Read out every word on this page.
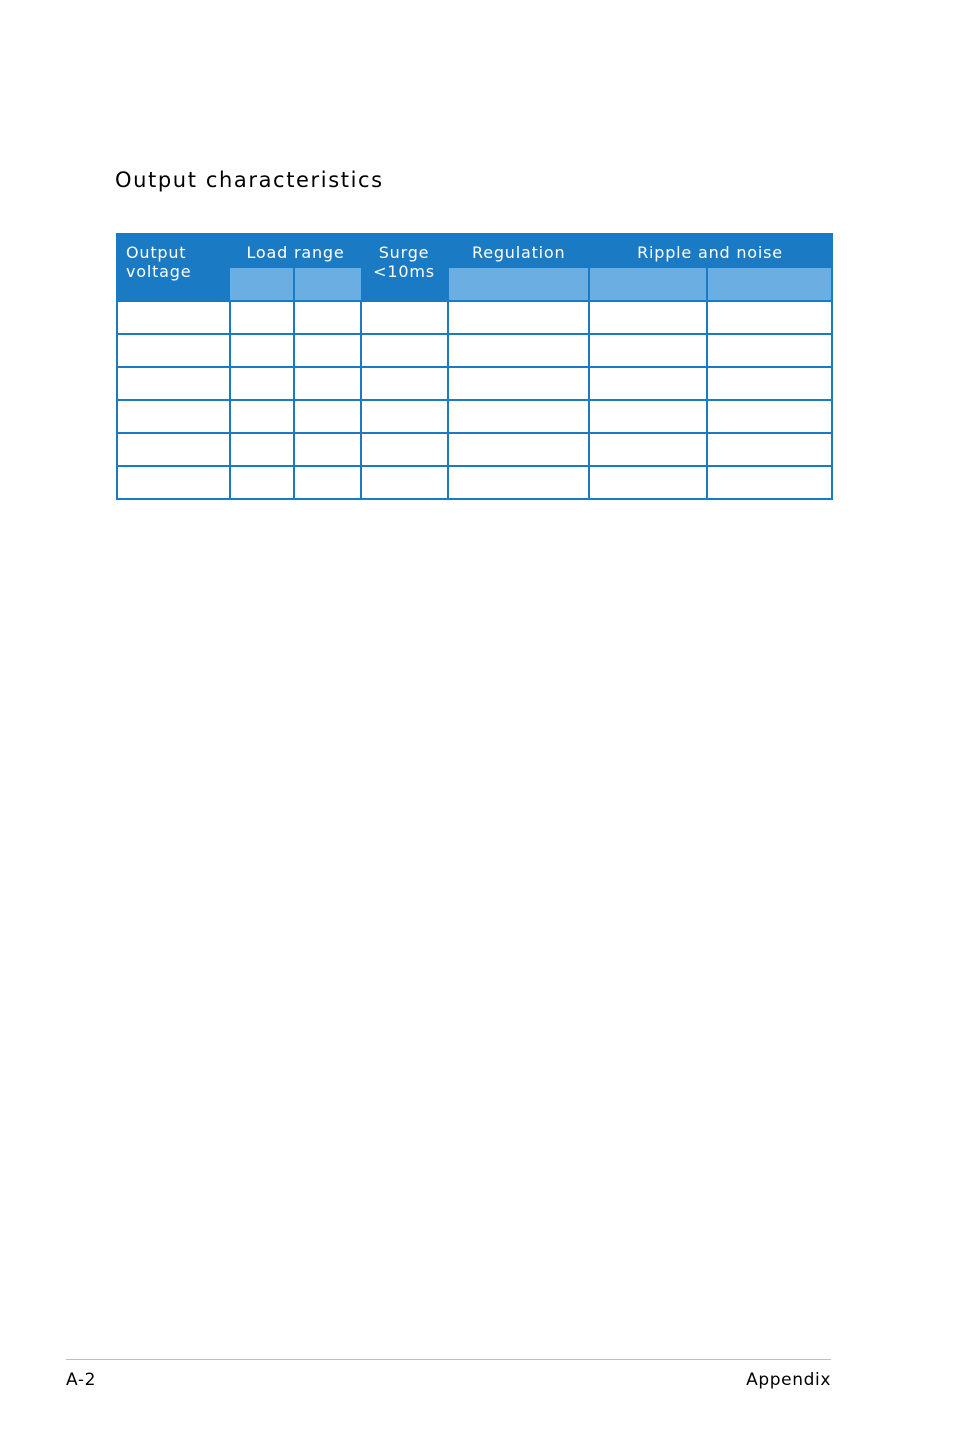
Output characteristics
Output voltage	Load range		Surge <10ms	Regulation	Ripple and noise	

A-2	Appendix
